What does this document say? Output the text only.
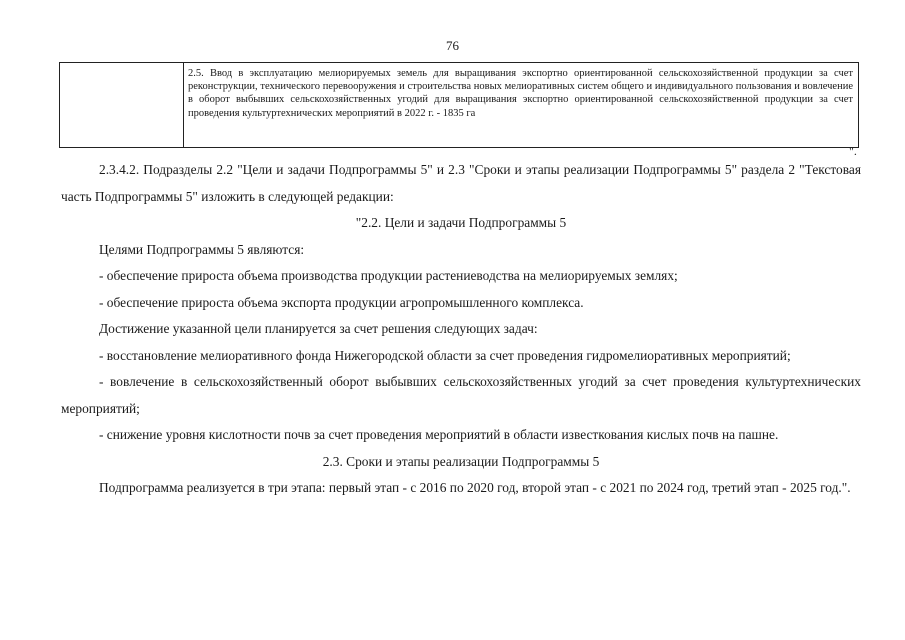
76
2.5. Ввод в эксплуатацию мелиорируемых земель для выращивания экспортно ориентированной сельскохозяйственной продукции за счет реконструкции, технического перевооружения и строительства новых мелиоративных систем общего и индивидуального пользования и вовлечение в оборот выбывших сельскохозяйственных угодий для выращивания экспортно ориентированной сельскохозяйственной продукции за счет проведения культуртехнических мероприятий в 2022 г. - 1835 га
".

2.3.4.2. Подразделы 2.2 "Цели и задачи Подпрограммы 5" и 2.3 "Сроки и этапы реализации Подпрограммы 5" раздела 2 "Текстовая часть Подпрограммы 5" изложить в следующей редакции:

"2.2. Цели и задачи Подпрограммы 5

Целями Подпрограммы 5 являются:

- обеспечение прироста объема производства продукции растениеводства на мелиорируемых землях;

- обеспечение прироста объема экспорта продукции агропромышленного комплекса.

Достижение указанной цели планируется за счет решения следующих задач:

- восстановление мелиоративного фонда Нижегородской области за счет проведения гидромелиоративных мероприятий;

- вовлечение в сельскохозяйственный оборот выбывших сельскохозяйственных угодий за счет проведения культуртехнических мероприятий;

- снижение уровня кислотности почв за счет проведения мероприятий в области известкования кислых почв на пашне.

2.3. Сроки и этапы реализации Подпрограммы 5

Подпрограмма реализуется в три этапа: первый этап - с 2016 по 2020 год, второй этап - с 2021 по 2024 год, третий этап - 2025 год.".
